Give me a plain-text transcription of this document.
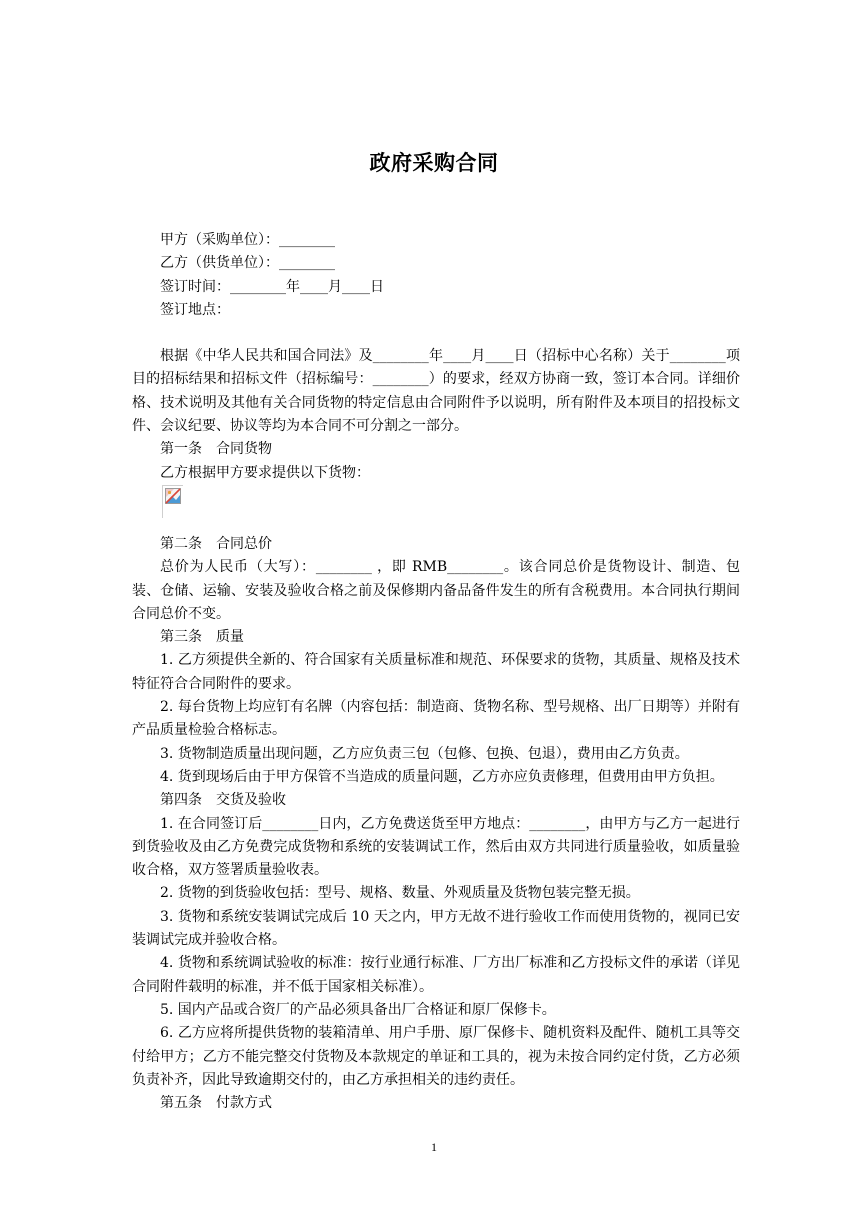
政府采购合同
甲方（采购单位）：________
乙方（供货单位）：________
签订时间：________年____月____日
签订地点：
根据《中华人民共和国合同法》及________年____月____日（招标中心名称）关于________项目的招标结果和招标文件（招标编号：________）的要求，经双方协商一致，签订本合同。详细价格、技术说明及其他有关合同货物的特定信息由合同附件予以说明，所有附件及本项目的招投标文件、会议纪要、协议等均为本合同不可分割之一部分。
第一条　合同货物
乙方根据甲方要求提供以下货物：
第二条　合同总价
总价为人民币（大写）：________ ，即 RMB________。该合同总价是货物设计、制造、包装、仓储、运输、安装及验收合格之前及保修期内备品备件发生的所有含税费用。本合同执行期间合同总价不变。
第三条　质量
1. 乙方须提供全新的、符合国家有关质量标准和规范、环保要求的货物，其质量、规格及技术特征符合合同附件的要求。
2. 每台货物上均应钉有名牌（内容包括：制造商、货物名称、型号规格、出厂日期等）并附有产品质量检验合格标志。
3. 货物制造质量出现问题，乙方应负责三包（包修、包换、包退），费用由乙方负责。
4. 货到现场后由于甲方保管不当造成的质量问题，乙方亦应负责修理，但费用由甲方负担。
第四条　交货及验收
1. 在合同签订后________日内，乙方免费送货至甲方地点：________，由甲方与乙方一起进行到货验收及由乙方免费完成货物和系统的安装调试工作，然后由双方共同进行质量验收，如质量验收合格，双方签署质量验收表。
2. 货物的到货验收包括：型号、规格、数量、外观质量及货物包装完整无损。
3. 货物和系统安装调试完成后 10 天之内，甲方无故不进行验收工作而使用货物的，视同已安装调试完成并验收合格。
4. 货物和系统调试验收的标准：按行业通行标准、厂方出厂标准和乙方投标文件的承诺（详见合同附件载明的标准，并不低于国家相关标准）。
5. 国内产品或合资厂的产品必须具备出厂合格证和原厂保修卡。
6. 乙方应将所提供货物的装箱清单、用户手册、原厂保修卡、随机资料及配件、随机工具等交付给甲方；乙方不能完整交付货物及本款规定的单证和工具的，视为未按合同约定付货，乙方必须负责补齐，因此导致逾期交付的，由乙方承担相关的违约责任。
第五条　付款方式
1
